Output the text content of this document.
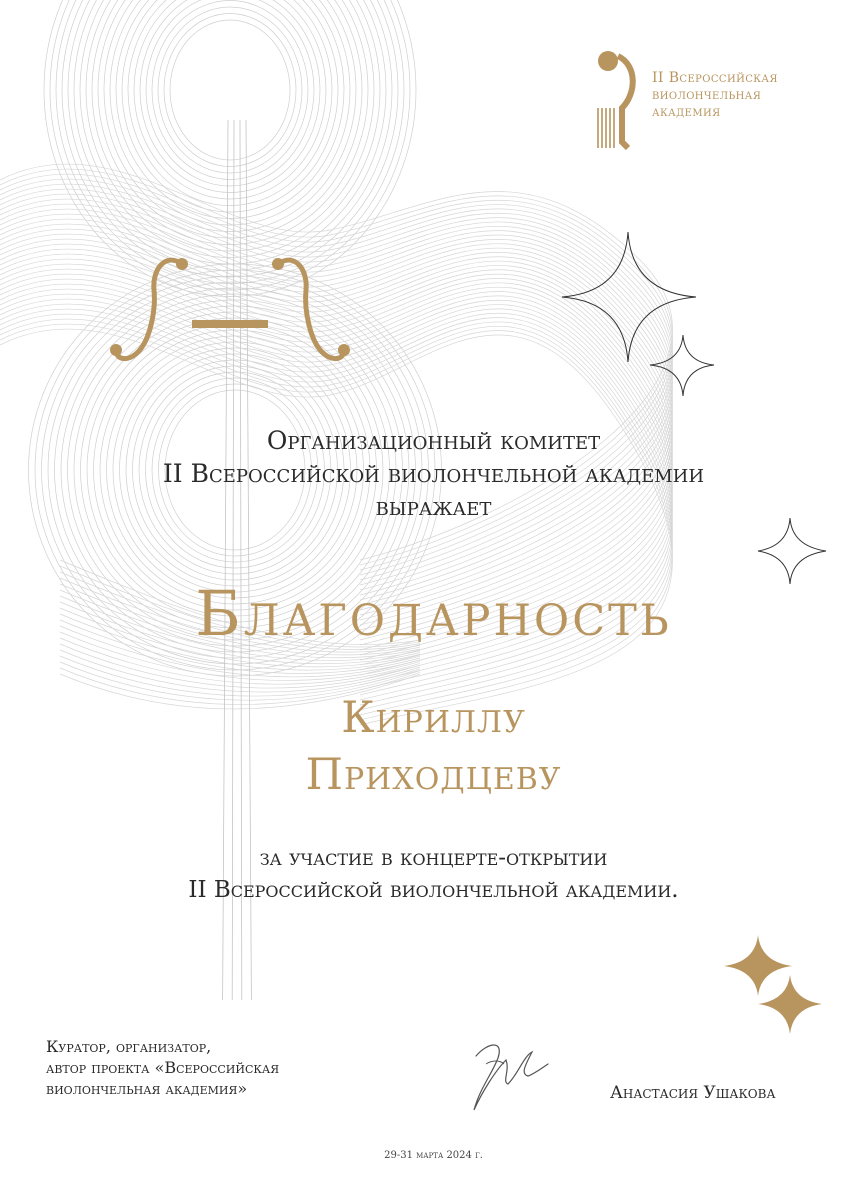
II Всероссийская
виолончельная
академия
Организационный комитет
II Всероссийской виолончельной академии
выражает
Благодарность
Кириллу
Приходцеву
за участие в концерте-открытии
II Всероссийской виолончельной академии.
Куратор, организатор,
автор проекта «Всероссийская
виолончельная академия»	Анастасия Ушакова
29-31 марта 2024 г.
